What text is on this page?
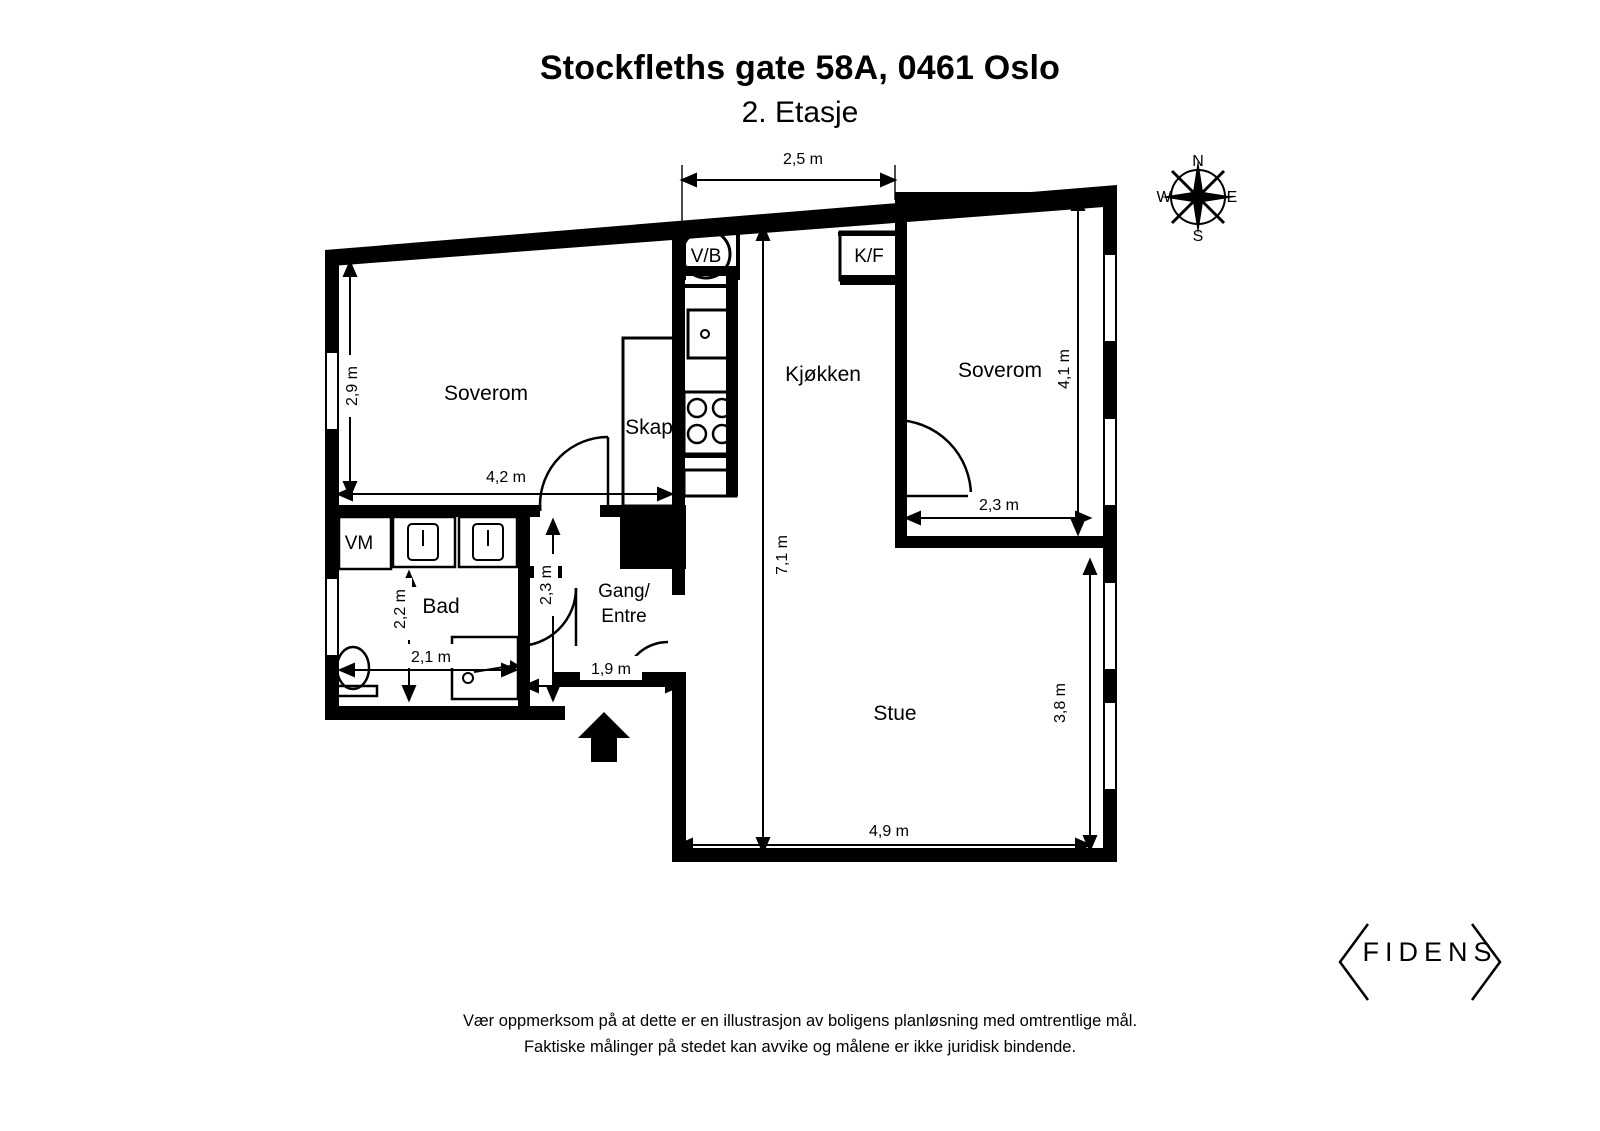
Stockfleths gate 58A, 0461 Oslo
2. Etasje
2,5 m
2,9 m
4,2 m
4,1 m
2,3 m
7,1 m
3,8 m
4,9 m
2,2 m
2,1 m
2,3 m
1,9 m
Soverom
Soverom
Kjøkken
Stue
Bad
Gang/
Entre
Skap
VM
V/B	K/F
N
E
S
W
FIDENS
Vær oppmerksom på at dette er en illustrasjon av boligens planløsning med omtrentlige mål.
Faktiske målinger på stedet kan avvike og målene er ikke juridisk bindende.
